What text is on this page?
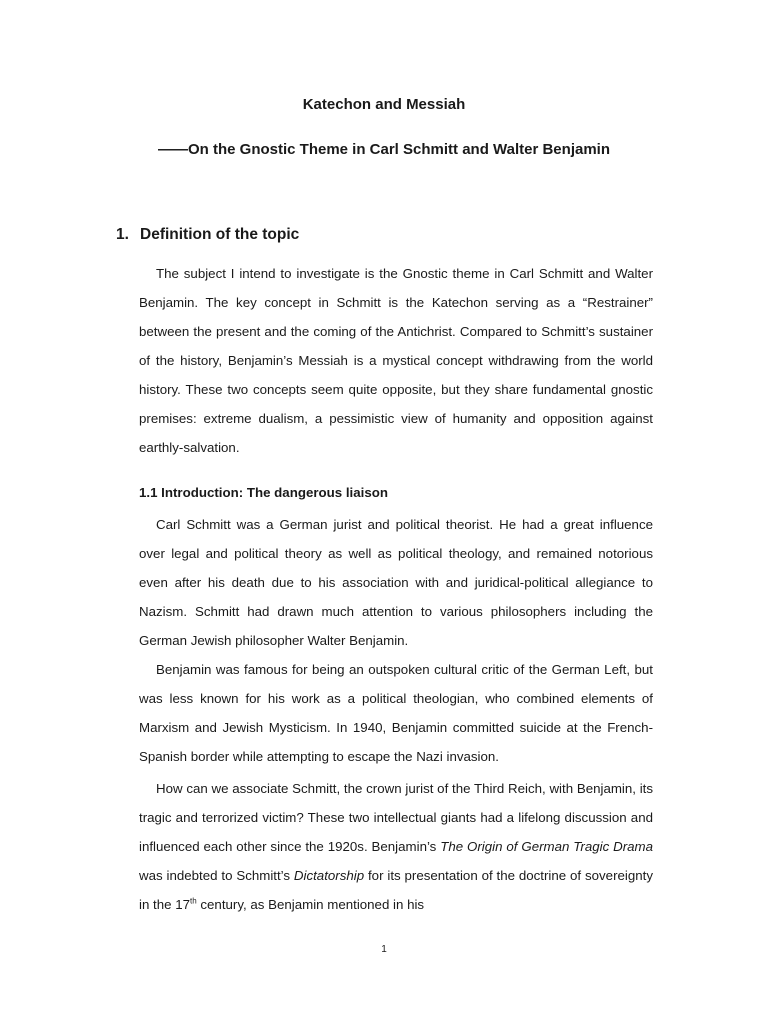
Katechon and Messiah
——On the Gnostic Theme in Carl Schmitt and Walter Benjamin
1. Definition of the topic

The subject I intend to investigate is the Gnostic theme in Carl Schmitt and Walter Benjamin. The key concept in Schmitt is the Katechon serving as a “Restrainer” between the present and the coming of the Antichrist. Compared to Schmitt’s sustainer of the history, Benjamin’s Messiah is a mystical concept withdrawing from the world history. These two concepts seem quite opposite, but they share fundamental gnostic premises: extreme dualism, a pessimistic view of humanity and opposition against earthly-salvation.

1.1 Introduction: The dangerous liaison

Carl Schmitt was a German jurist and political theorist. He had a great influence over legal and political theory as well as political theology, and remained notorious even after his death due to his association with and juridical-political allegiance to Nazism. Schmitt had drawn much attention to various philosophers including the German Jewish philosopher Walter Benjamin.

Benjamin was famous for being an outspoken cultural critic of the German Left, but was less known for his work as a political theologian, who combined elements of Marxism and Jewish Mysticism. In 1940, Benjamin committed suicide at the French-Spanish border while attempting to escape the Nazi invasion.

How can we associate Schmitt, the crown jurist of the Third Reich, with Benjamin, its tragic and terrorized victim? These two intellectual giants had a lifelong discussion and influenced each other since the 1920s. Benjamin’s The Origin of German Tragic Drama was indebted to Schmitt’s Dictatorship for its presentation of the doctrine of sovereignty in the 17th century, as Benjamin mentioned in his

1
